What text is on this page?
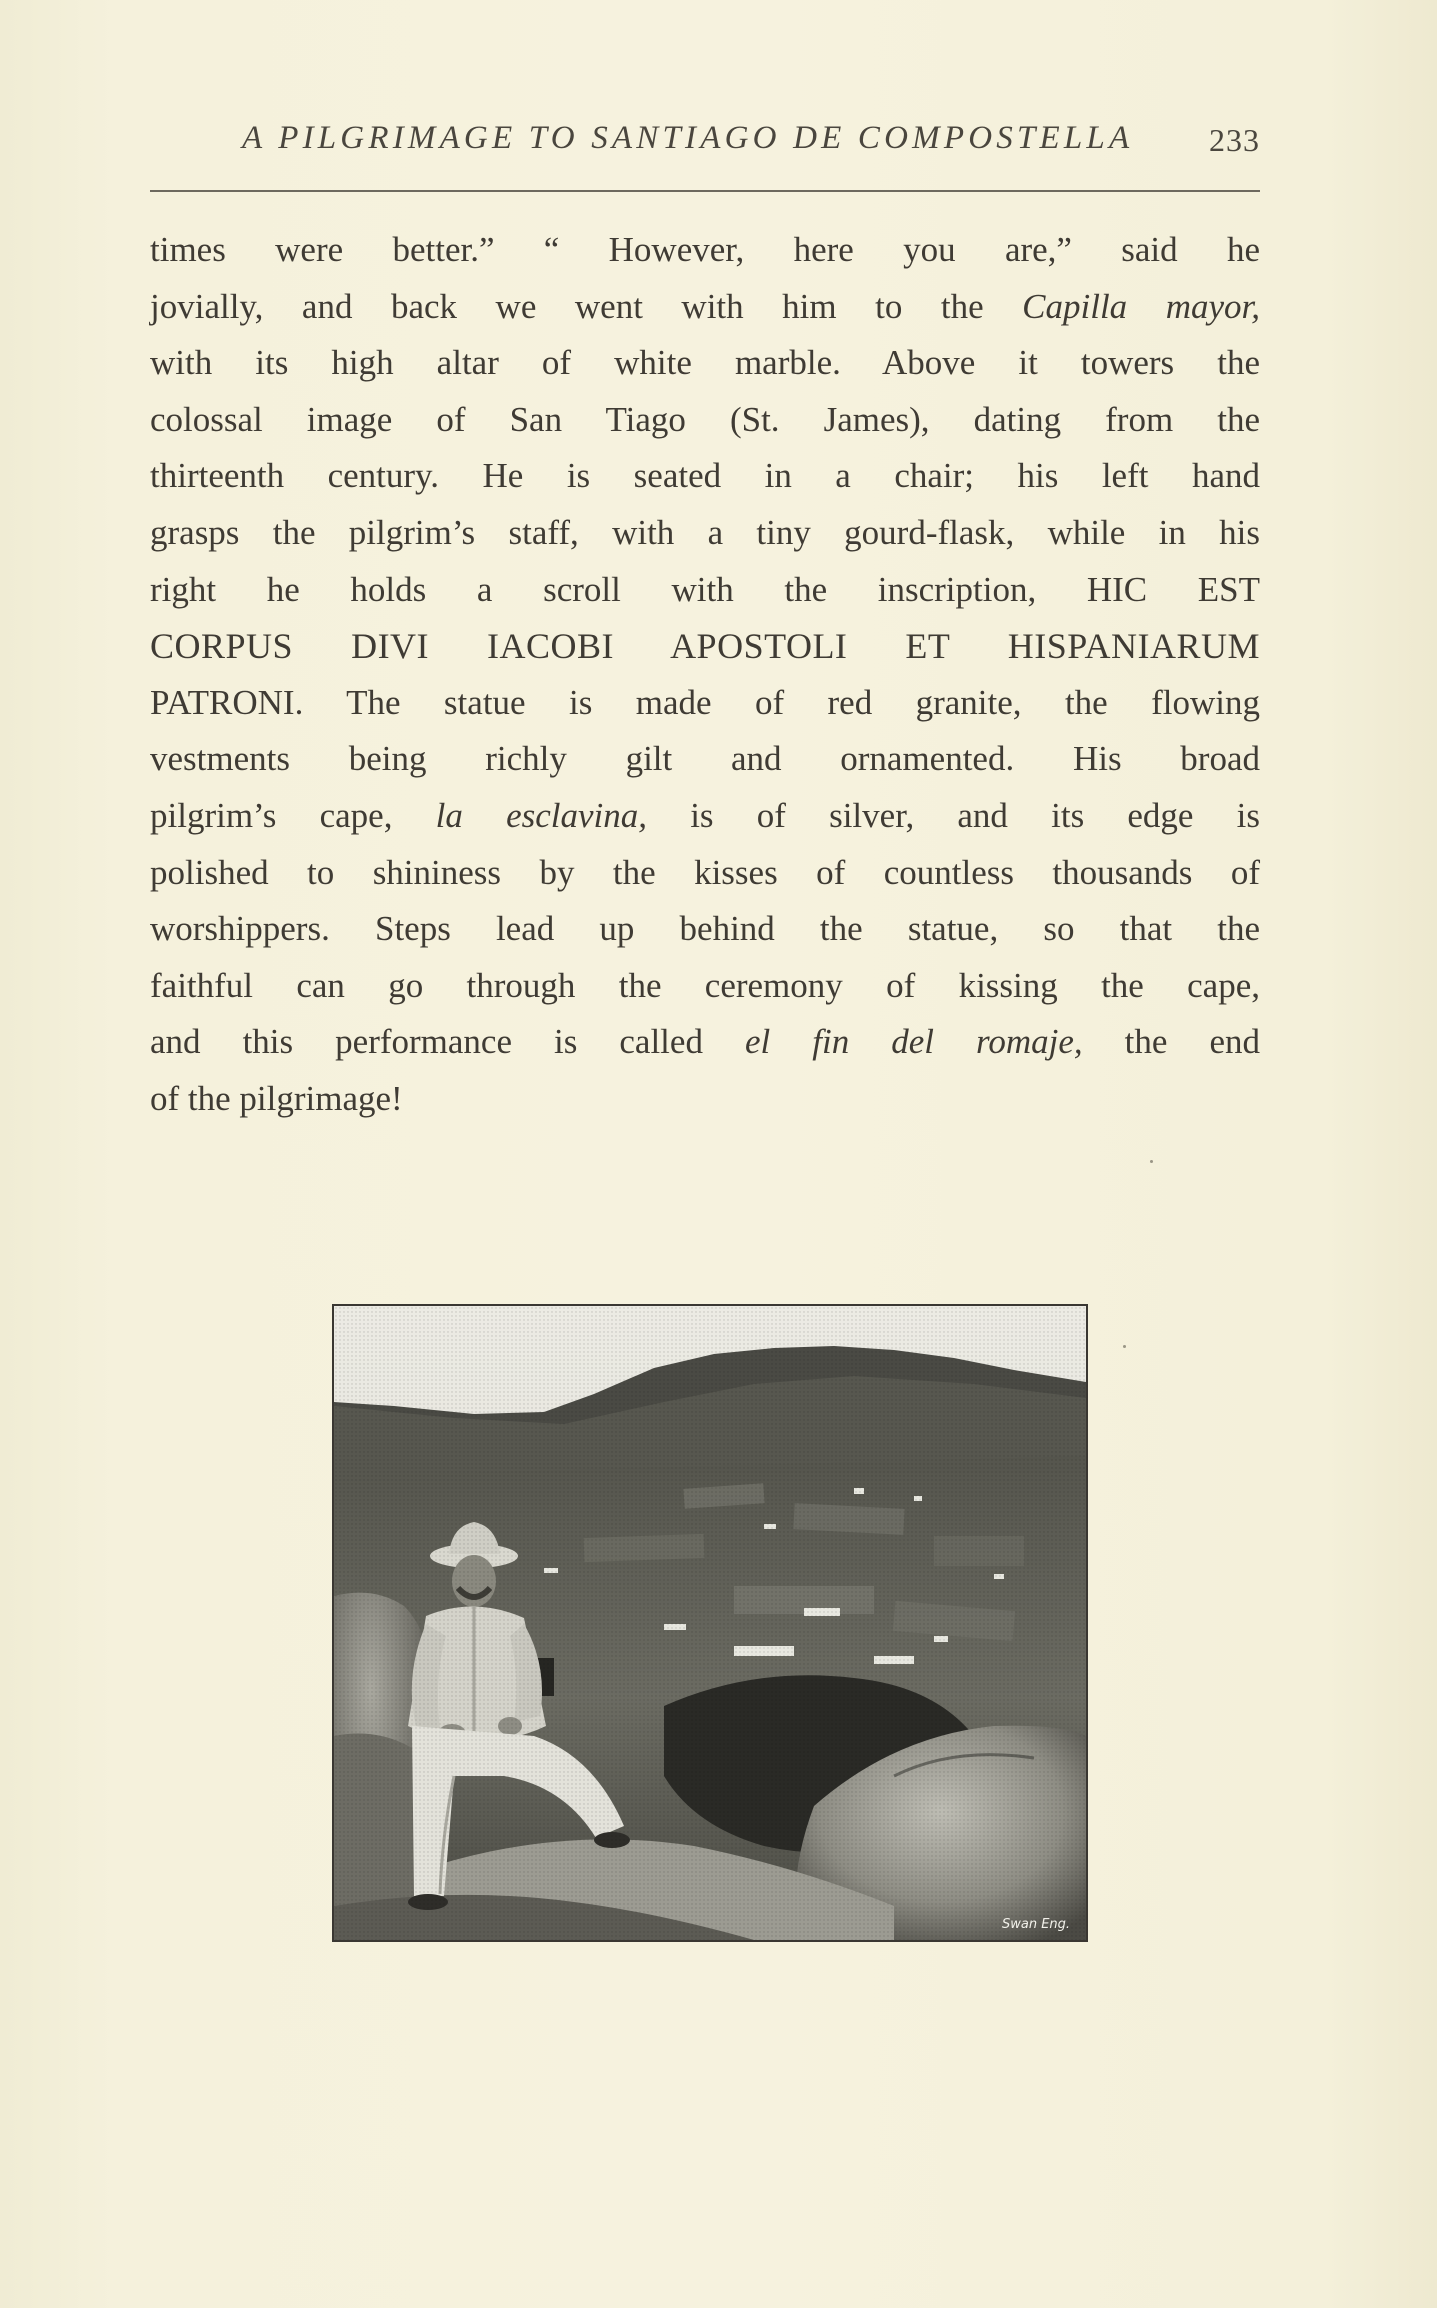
A PILGRIMAGE TO SANTIAGO DE COMPOSTELLA 233
times were better.” “ However, here you are,” said he
jovially, and back we went with him to the Capilla mayor,
with its high altar of white marble. Above it towers the
colossal image of San Tiago (St. James), dating from the
thirteenth century. He is seated in a chair; his left hand
grasps the pilgrim’s staff, with a tiny gourd-flask, while in his
right he holds a scroll with the inscription, HIC EST
CORPUS DIVI IACOBI APOSTOLI ET HISPANIARUM
PATRONI. The statue is made of red granite, the flowing
vestments being richly gilt and ornamented. His broad
pilgrim’s cape, la esclavina, is of silver, and its edge is
polished to shininess by the kisses of countless thousands of
worshippers. Steps lead up behind the statue, so that the
faithful can go through the ceremony of kissing the cape,
and this performance is called el fin del romaje, the end
of the pilgrimage!
Swan Eng.
